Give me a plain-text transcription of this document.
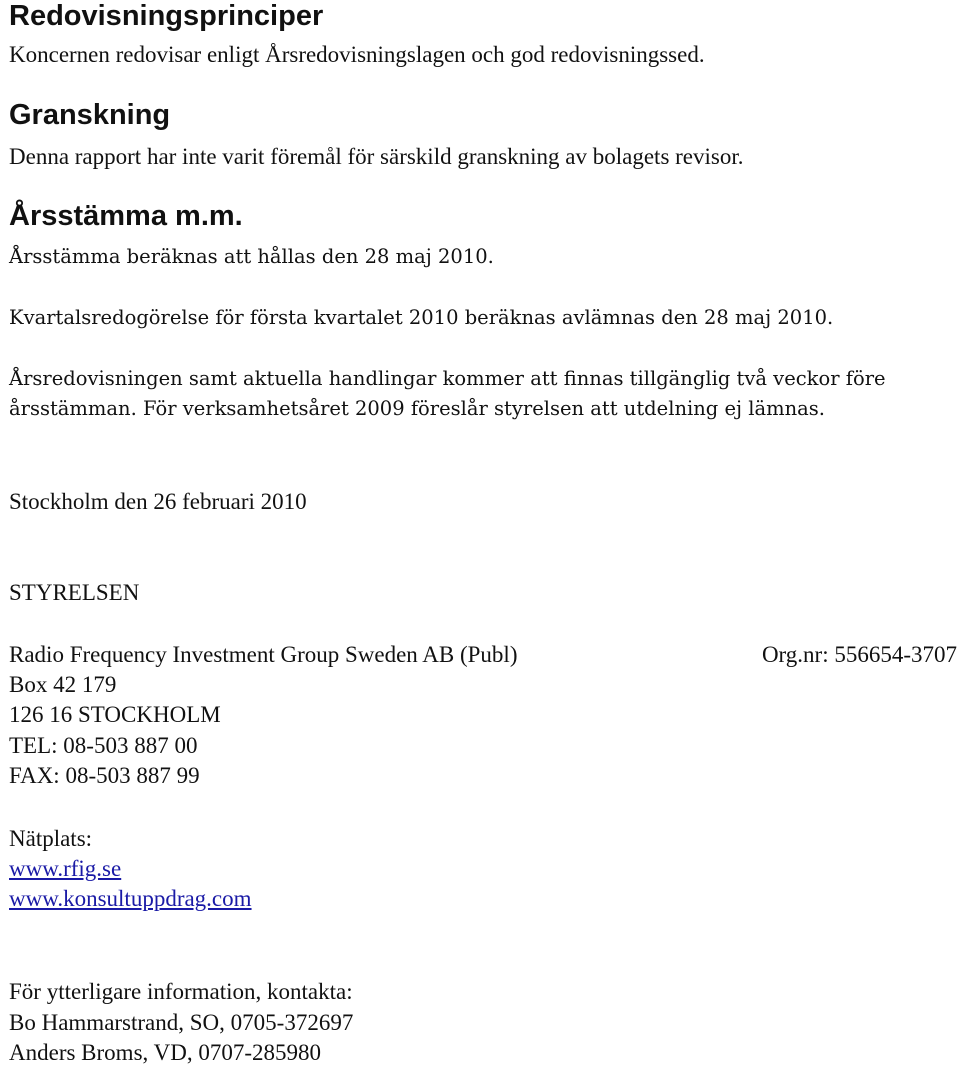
Redovisningsprinciper

Koncernen redovisar enligt Årsredovisningslagen och god redovisningssed.

Granskning

Denna rapport har inte varit föremål för särskild granskning av bolagets revisor.

Årsstämma m.m.

Årsstämma beräknas att hållas den 28 maj 2010.

Kvartalsredogörelse för första kvartalet 2010 beräknas avlämnas den 28 maj 2010.

Årsredovisningen samt aktuella handlingar kommer att finnas tillgänglig två veckor före

årsstämman. För verksamhetsåret 2009 föreslår styrelsen att utdelning ej lämnas.

Stockholm den 26 februari 2010

STYRELSEN

Radio Frequency Investment Group Sweden AB (Publ)	Org.nr: 556654-3707

Box 42 179

126 16 STOCKHOLM

TEL: 08-503 887 00

FAX: 08-503 887 99

Nätplats:

www.rfig.se

www.konsultuppdrag.com

För ytterligare information, kontakta:

Bo Hammarstrand, SO, 0705-372697

Anders Broms, VD, 0707-285980
